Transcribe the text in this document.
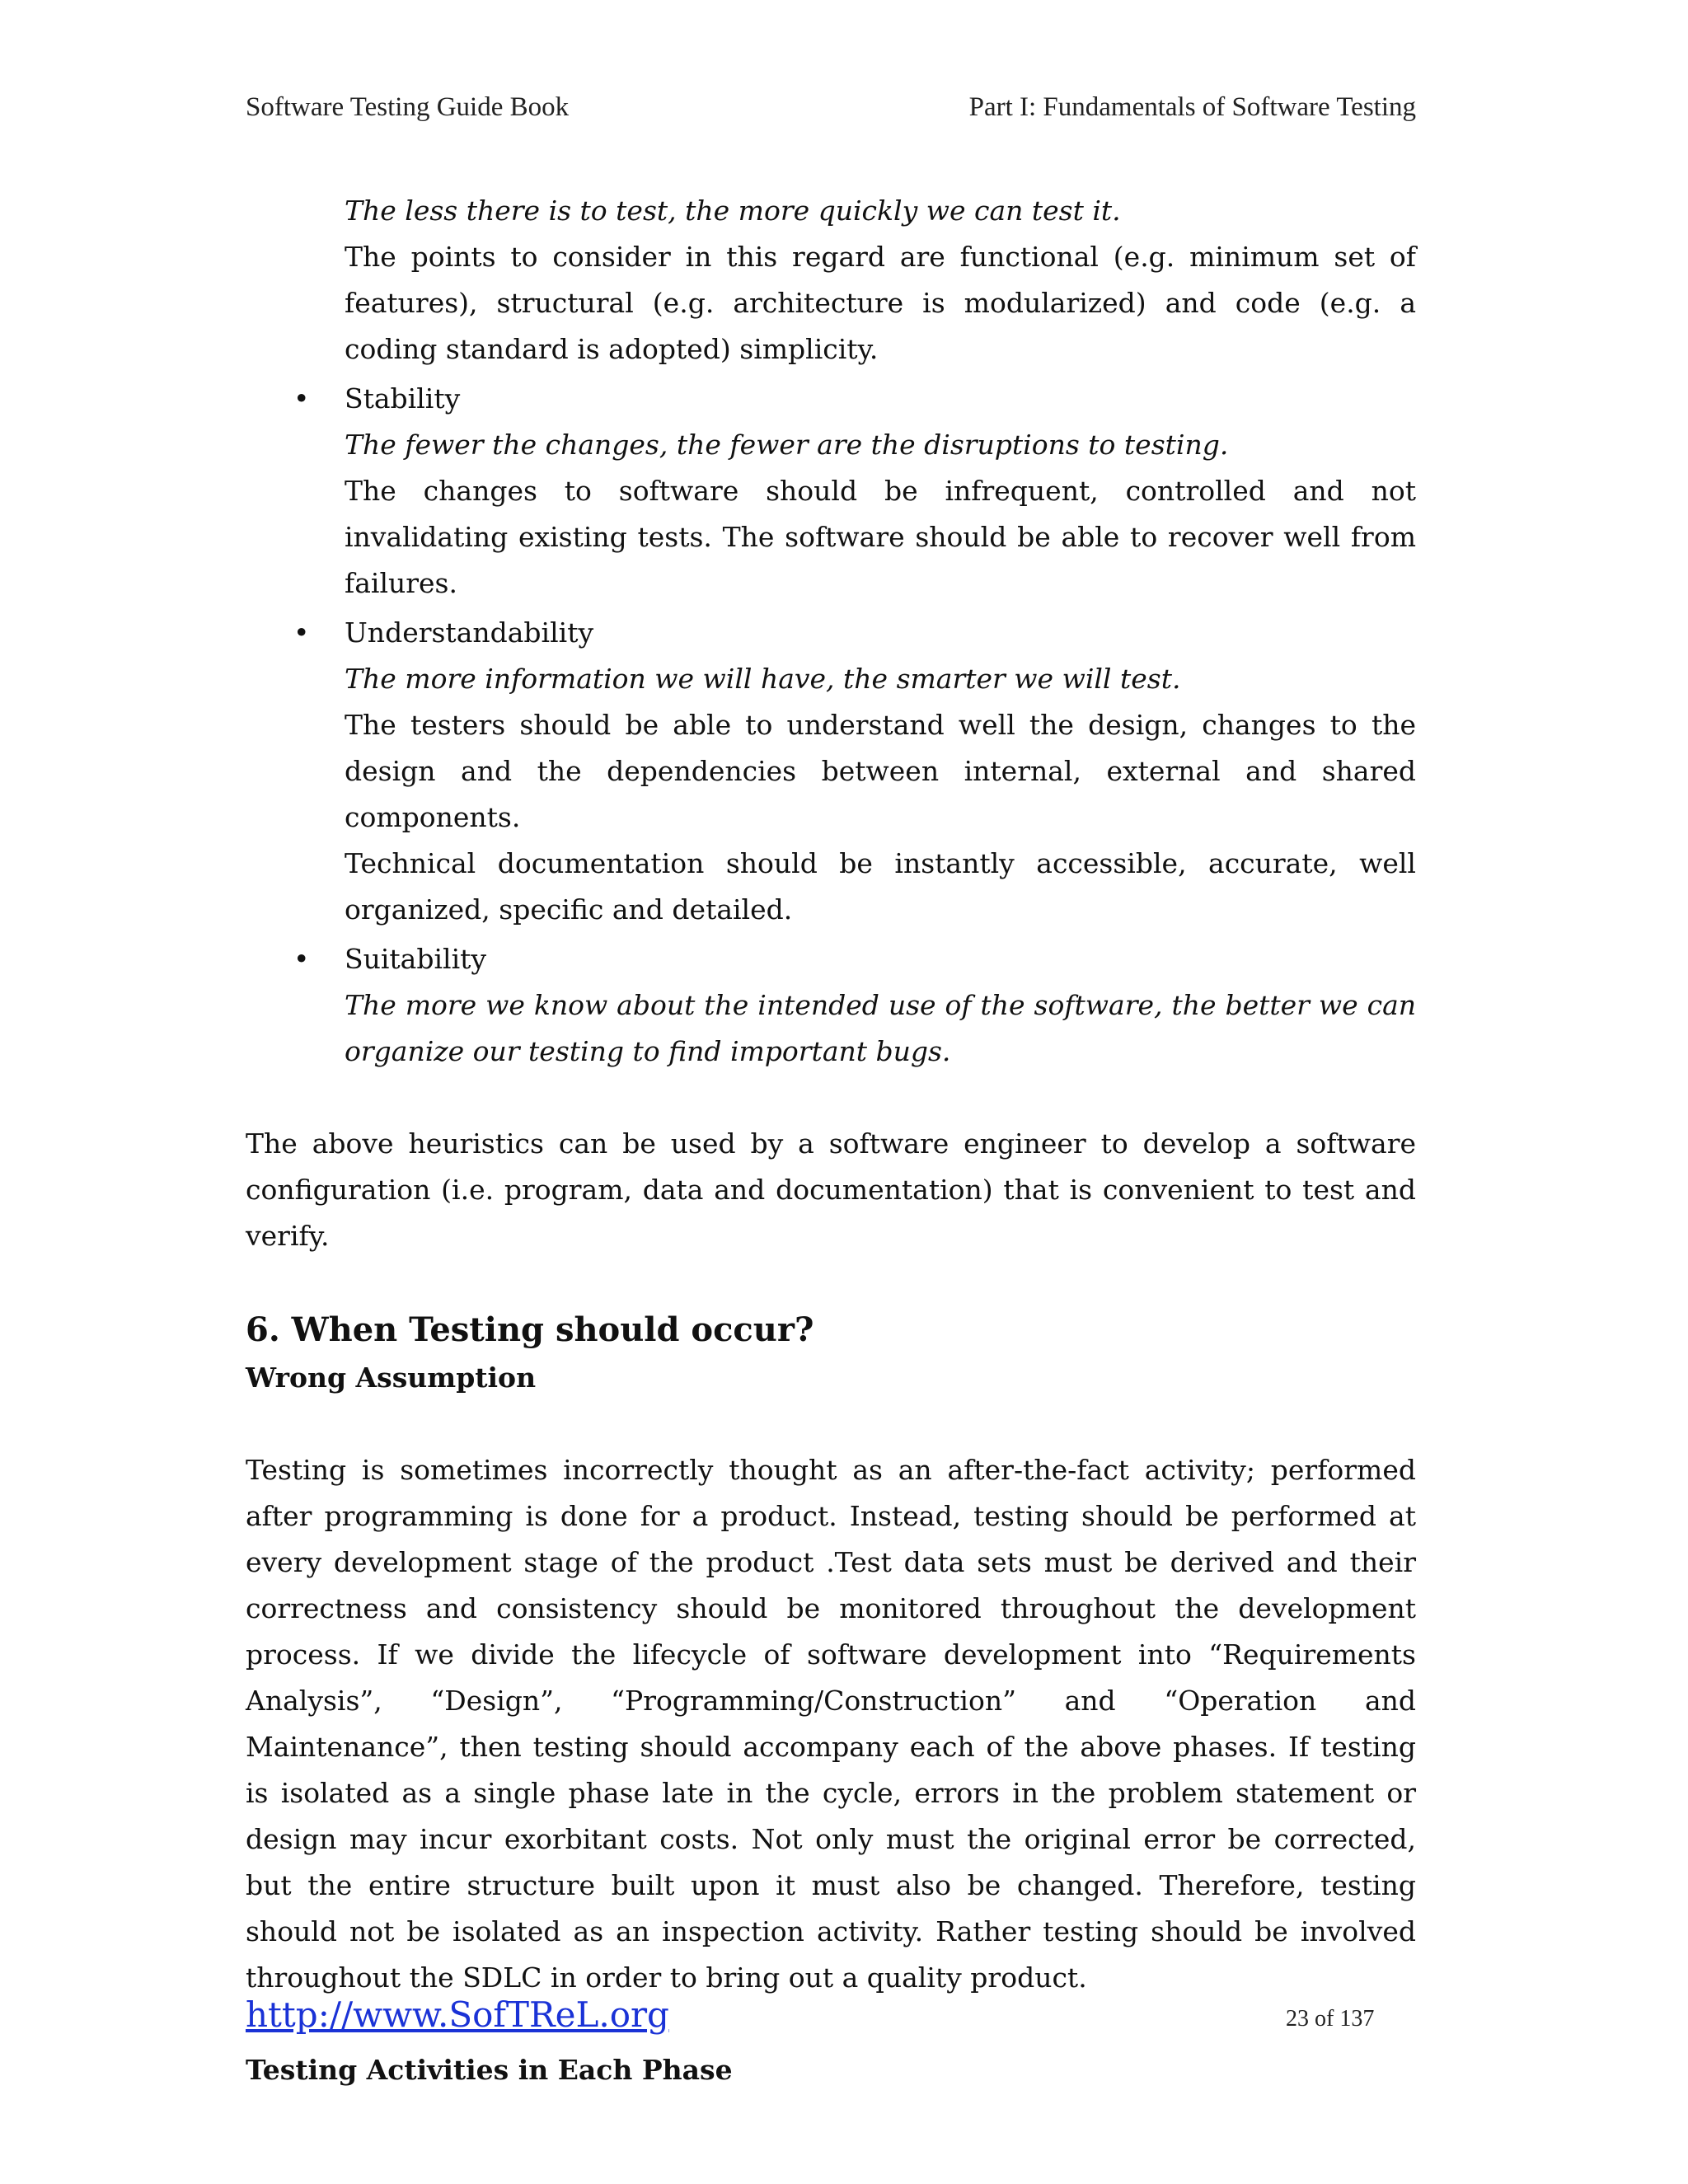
Software Testing Guide Book	Part I: Fundamentals of Software Testing

The less there is to test, the more quickly we can test it.

The points to consider in this regard are functional (e.g. minimum set of features), structural (e.g. architecture is modularized) and code (e.g. a coding standard is adopted) simplicity.

• Stability

The fewer the changes, the fewer are the disruptions to testing.

The changes to software should be infrequent, controlled and not invalidating existing tests. The software should be able to recover well from failures.

• Understandability

The more information we will have, the smarter we will test.

The testers should be able to understand well the design, changes to the design and the dependencies between internal, external and shared components.

Technical documentation should be instantly accessible, accurate, well organized, specific and detailed.

• Suitability

The more we know about the intended use of the software, the better we can organize our testing to find important bugs.

The above heuristics can be used by a software engineer to develop a software configuration (i.e. program, data and documentation) that is convenient to test and verify.

6. When Testing should occur?
Wrong Assumption

Testing is sometimes incorrectly thought as an after-the-fact activity; performed after programming is done for a product. Instead, testing should be performed at every development stage of the product .Test data sets must be derived and their correctness and consistency should be monitored throughout the development process. If we divide the lifecycle of software development into “Requirements Analysis”, “Design”, “Programming/Construction” and “Operation and Maintenance”, then testing should accompany each of the above phases. If testing is isolated as a single phase late in the cycle, errors in the problem statement or design may incur exorbitant costs. Not only must the original error be corrected, but the entire structure built upon it must also be changed. Therefore, testing should not be isolated as an inspection activity. Rather testing should be involved throughout the SDLC in order to bring out a quality product.

Testing Activities in Each Phase
http://www.SofTReL.org	23 of 137
